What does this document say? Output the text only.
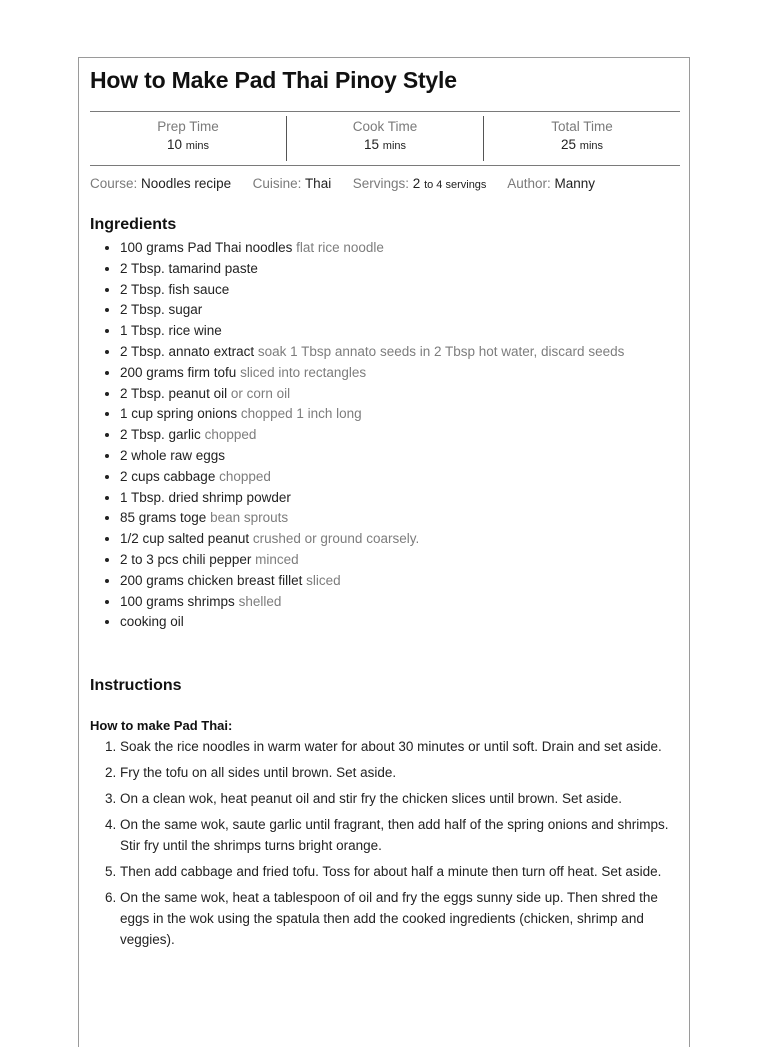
How to Make Pad Thai Pinoy Style
Prep Time
10 mins
Cook Time
15 mins
Total Time
25 mins
Course: Noodles recipe Cuisine: Thai Servings: 2 to 4 servings Author: Manny
Ingredients
• 100 grams Pad Thai noodles flat rice noodle
• 2 Tbsp. tamarind paste
• 2 Tbsp. fish sauce
• 2 Tbsp. sugar
• 1 Tbsp. rice wine
• 2 Tbsp. annato extract soak 1 Tbsp annato seeds in 2 Tbsp hot water, discard seeds
• 200 grams firm tofu sliced into rectangles
• 2 Tbsp. peanut oil or corn oil
• 1 cup spring onions chopped 1 inch long
• 2 Tbsp. garlic chopped
• 2 whole raw eggs
• 2 cups cabbage chopped
• 1 Tbsp. dried shrimp powder
• 85 grams toge bean sprouts
• 1/2 cup salted peanut crushed or ground coarsely.
• 2 to 3 pcs chili pepper minced
• 200 grams chicken breast fillet sliced
• 100 grams shrimps shelled
• cooking oil
Instructions
How to make Pad Thai:
1. Soak the rice noodles in warm water for about 30 minutes or until soft. Drain and set aside.
2. Fry the tofu on all sides until brown. Set aside.
3. On a clean wok, heat peanut oil and stir fry the chicken slices until brown. Set aside.
4. On the same wok, saute garlic until fragrant, then add half of the spring onions and shrimps. Stir fry until the shrimps turns bright orange.
5. Then add cabbage and fried tofu. Toss for about half a minute then turn off heat. Set aside.
6. On the same wok, heat a tablespoon of oil and fry the eggs sunny side up. Then shred the eggs in the wok using the spatula then add the cooked ingredients (chicken, shrimp and veggies).
